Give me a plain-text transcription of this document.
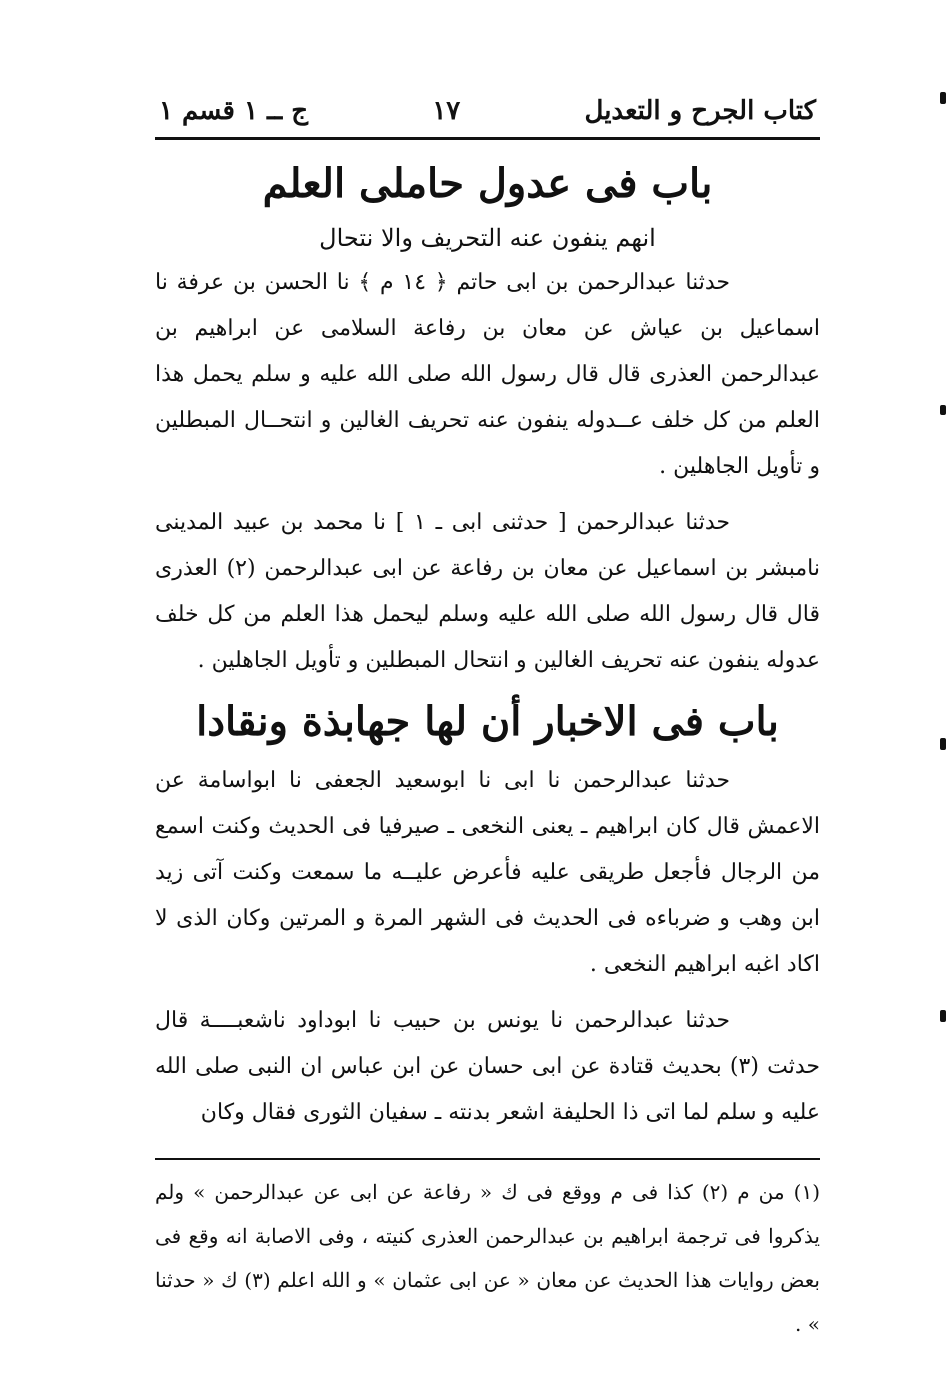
كتاب الجرح و التعديل
١٧
ج ــ ١ قسم ١
باب فى عدول حاملى العلم
انهم ينفون عنه التحريف والا نتحال

حدثنا عبدالرحمن بن ابى حاتم ﴿ ١٤ م ﴾ نا الحسن بن عرفة نا اسماعيل بن عياش عن معان بن رفاعة السلامى عن ابراهيم بن عبدالرحمن العذرى قال قال رسول الله صلى الله عليه و سلم يحمل هذا العلم من كل خلف عــدوله ينفون عنه تحريف الغالين و انتحــال المبطلين و تأويل الجاهلين .

حدثنا عبدالرحمن [ حدثنى ابى ـ ١ ] نا محمد بن عبيد المدينى نامبشر بن اسماعيل عن معان بن رفاعة عن ابى عبدالرحمن (٢) العذرى قال قال رسول الله صلى الله عليه وسلم ليحمل هذا العلم من كل خلف عدوله ينفون عنه تحريف الغالين و انتحال المبطلين و تأويل الجاهلين .

باب فى الاخبار أن لها جهابذة ونقادا

حدثنا عبدالرحمن نا ابى نا ابوسعيد الجعفى نا ابواسامة عن الاعمش قال كان ابراهيم ـ يعنى النخعى ـ صيرفيا فى الحديث وكنت اسمع من الرجال فأجعل طريقى عليه فأعرض عليــه ما سمعت وكنت آتى زيد ابن وهب و ضرباءه فى الحديث فى الشهر المرة و المرتين وكان الذى لا اكاد اغبه ابراهيم النخعى .

حدثنا عبدالرحمن نا يونس بن حبيب نا ابوداود ناشعبــــة قال حدثت (٣) بحديث قتادة عن ابى حسان عن ابن عباس ان النبى صلى الله عليه و سلم لما اتى ذا الحليفة اشعر بدنته ـ سفيان الثورى فقال وكان

(١) من م (٢) كذا فى م ووقع فى ك « رفاعة عن ابى عن عبدالرحمن » ولم يذكروا فى ترجمة ابراهيم بن عبدالرحمن العذرى كنيته ، وفى الاصابة انه وقع فى بعض روايات هذا الحديث عن معان « عن ابى عثمان » و الله اعلم (٣) ك « حدثنا » .
